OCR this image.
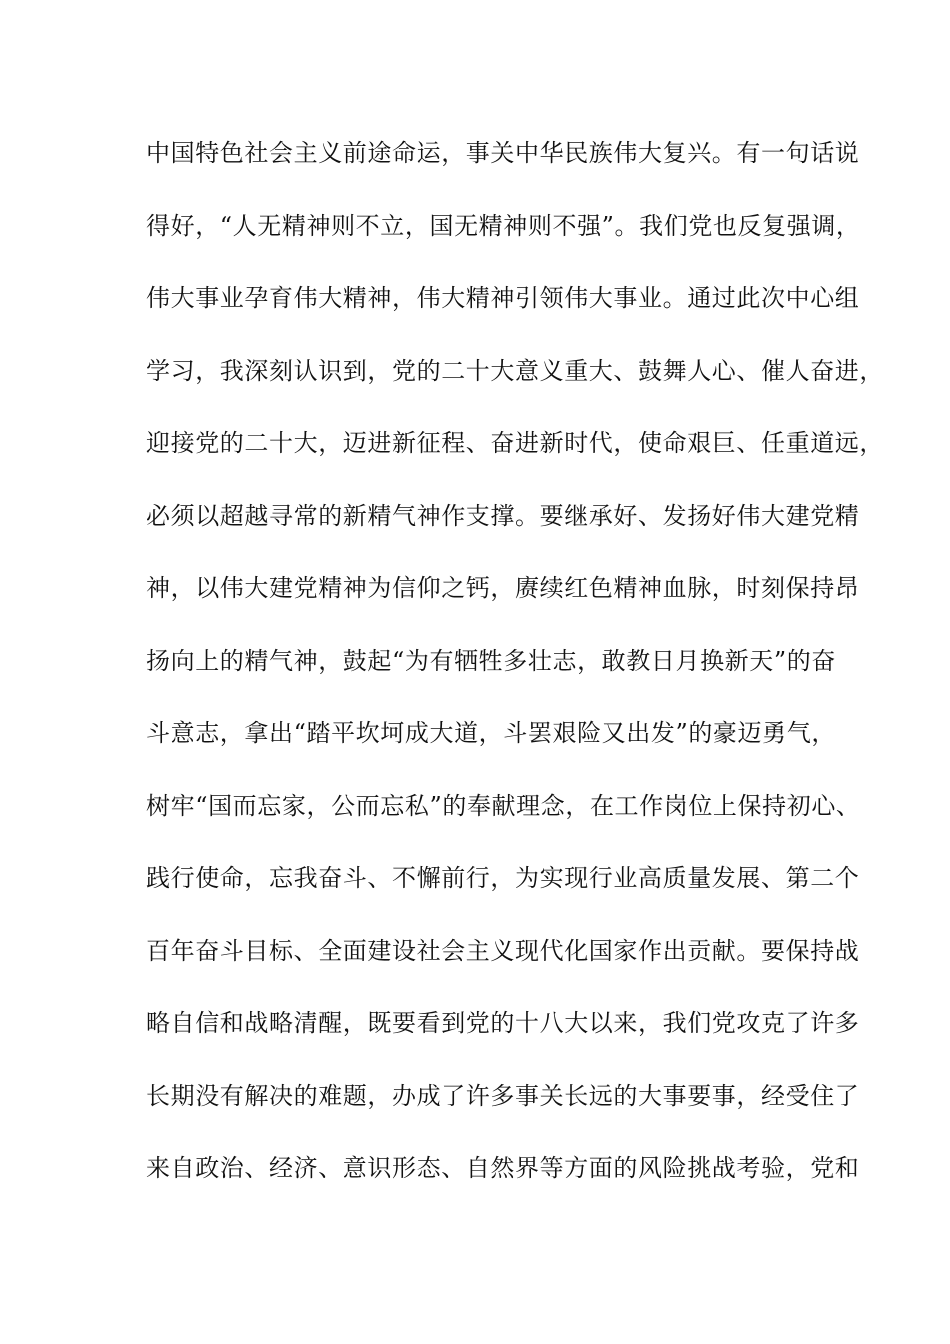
中国特色社会主义前途命运，事关中华民族伟大复兴。有一句话说
得好，“人无精神则不立，国无精神则不强”。我们党也反复强调，
伟大事业孕育伟大精神，伟大精神引领伟大事业。通过此次中心组
学习，我深刻认识到，党的二十大意义重大、鼓舞人心、催人奋进，
迎接党的二十大，迈进新征程、奋进新时代，使命艰巨、任重道远，
必须以超越寻常的新精气神作支撑。要继承好、发扬好伟大建党精
神，以伟大建党精神为信仰之钙，赓续红色精神血脉，时刻保持昂
扬向上的精气神，鼓起“为有牺牲多壮志，敢教日月换新天”的奋
斗意志，拿出“踏平坎坷成大道，斗罢艰险又出发”的豪迈勇气，
树牢“国而忘家，公而忘私”的奉献理念，在工作岗位上保持初心、
践行使命，忘我奋斗、不懈前行，为实现行业高质量发展、第二个
百年奋斗目标、全面建设社会主义现代化国家作出贡献。要保持战
略自信和战略清醒，既要看到党的十八大以来，我们党攻克了许多
长期没有解决的难题，办成了许多事关长远的大事要事，经受住了
来自政治、经济、意识形态、自然界等方面的风险挑战考验，党和
